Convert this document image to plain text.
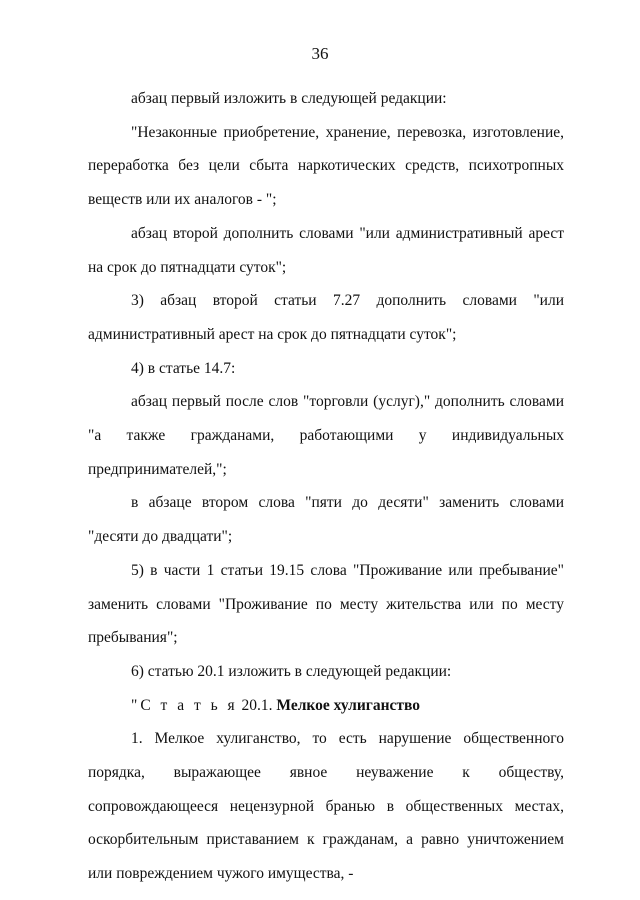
36

абзац первый изложить в следующей редакции:

"Незаконные приобретение, хранение, перевозка, изготовление, переработка без цели сбыта наркотических средств, психотропных веществ или их аналогов - ";

абзац второй дополнить словами "или административный арест на срок до пятнадцати суток";

3) абзац второй статьи 7.27 дополнить словами "или административный арест на срок до пятнадцати суток";

4) в статье 14.7:

абзац первый после слов "торговли (услуг)," дополнить словами "а также гражданами, работающими у индивидуальных предпринимателей,";

в абзаце втором слова "пяти до десяти" заменить словами "десяти до двадцати";

5) в части 1 статьи 19.15 слова "Проживание или пребывание" заменить словами "Проживание по месту жительства или по месту пребывания";

6) статью 20.1 изложить в следующей редакции:

"С т а т ь я 20.1. Мелкое хулиганство

1. Мелкое хулиганство, то есть нарушение общественного порядка, выражающее явное неуважение к обществу, сопровождающееся нецензурной бранью в общественных местах, оскорбительным приставанием к гражданам, а равно уничтожением или повреждением чужого имущества, -
